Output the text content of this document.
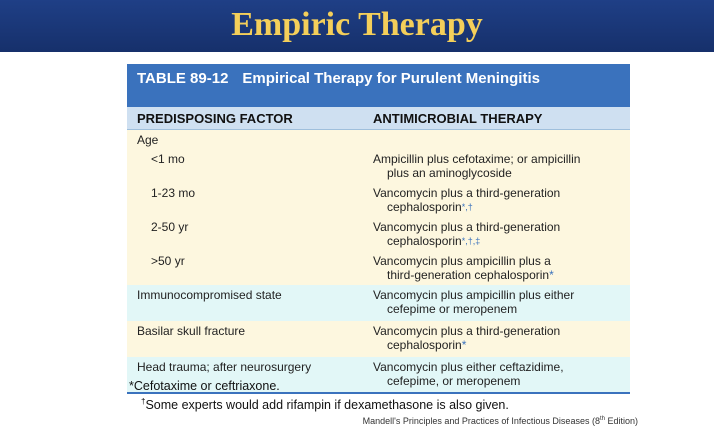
Empiric Therapy
TABLE 89-12 Empirical Therapy for Purulent Meningitis
PREDISPOSING FACTOR	ANTIMICROBIAL THERAPY
Age
<1 mo	Ampicillin plus cefotaxime; or ampicillin
plus an aminoglycoside
1-23 mo	Vancomycin plus a third-generation
cephalosporin*,†
2-50 yr	Vancomycin plus a third-generation
cephalosporin*,†,‡
>50 yr	Vancomycin plus ampicillin plus a
third-generation cephalosporin*
Immunocompromised state	Vancomycin plus ampicillin plus either
cefepime or meropenem
Basilar skull fracture	Vancomycin plus a third-generation
cephalosporin*
Head trauma; after neurosurgery	Vancomycin plus either ceftazidime,
cefepime, or meropenem
*Cefotaxime or ceftriaxone.
†Some experts would add rifampin if dexamethasone is also given.
Mandell's Principles and Practices of Infectious Diseases (8th Edition)
